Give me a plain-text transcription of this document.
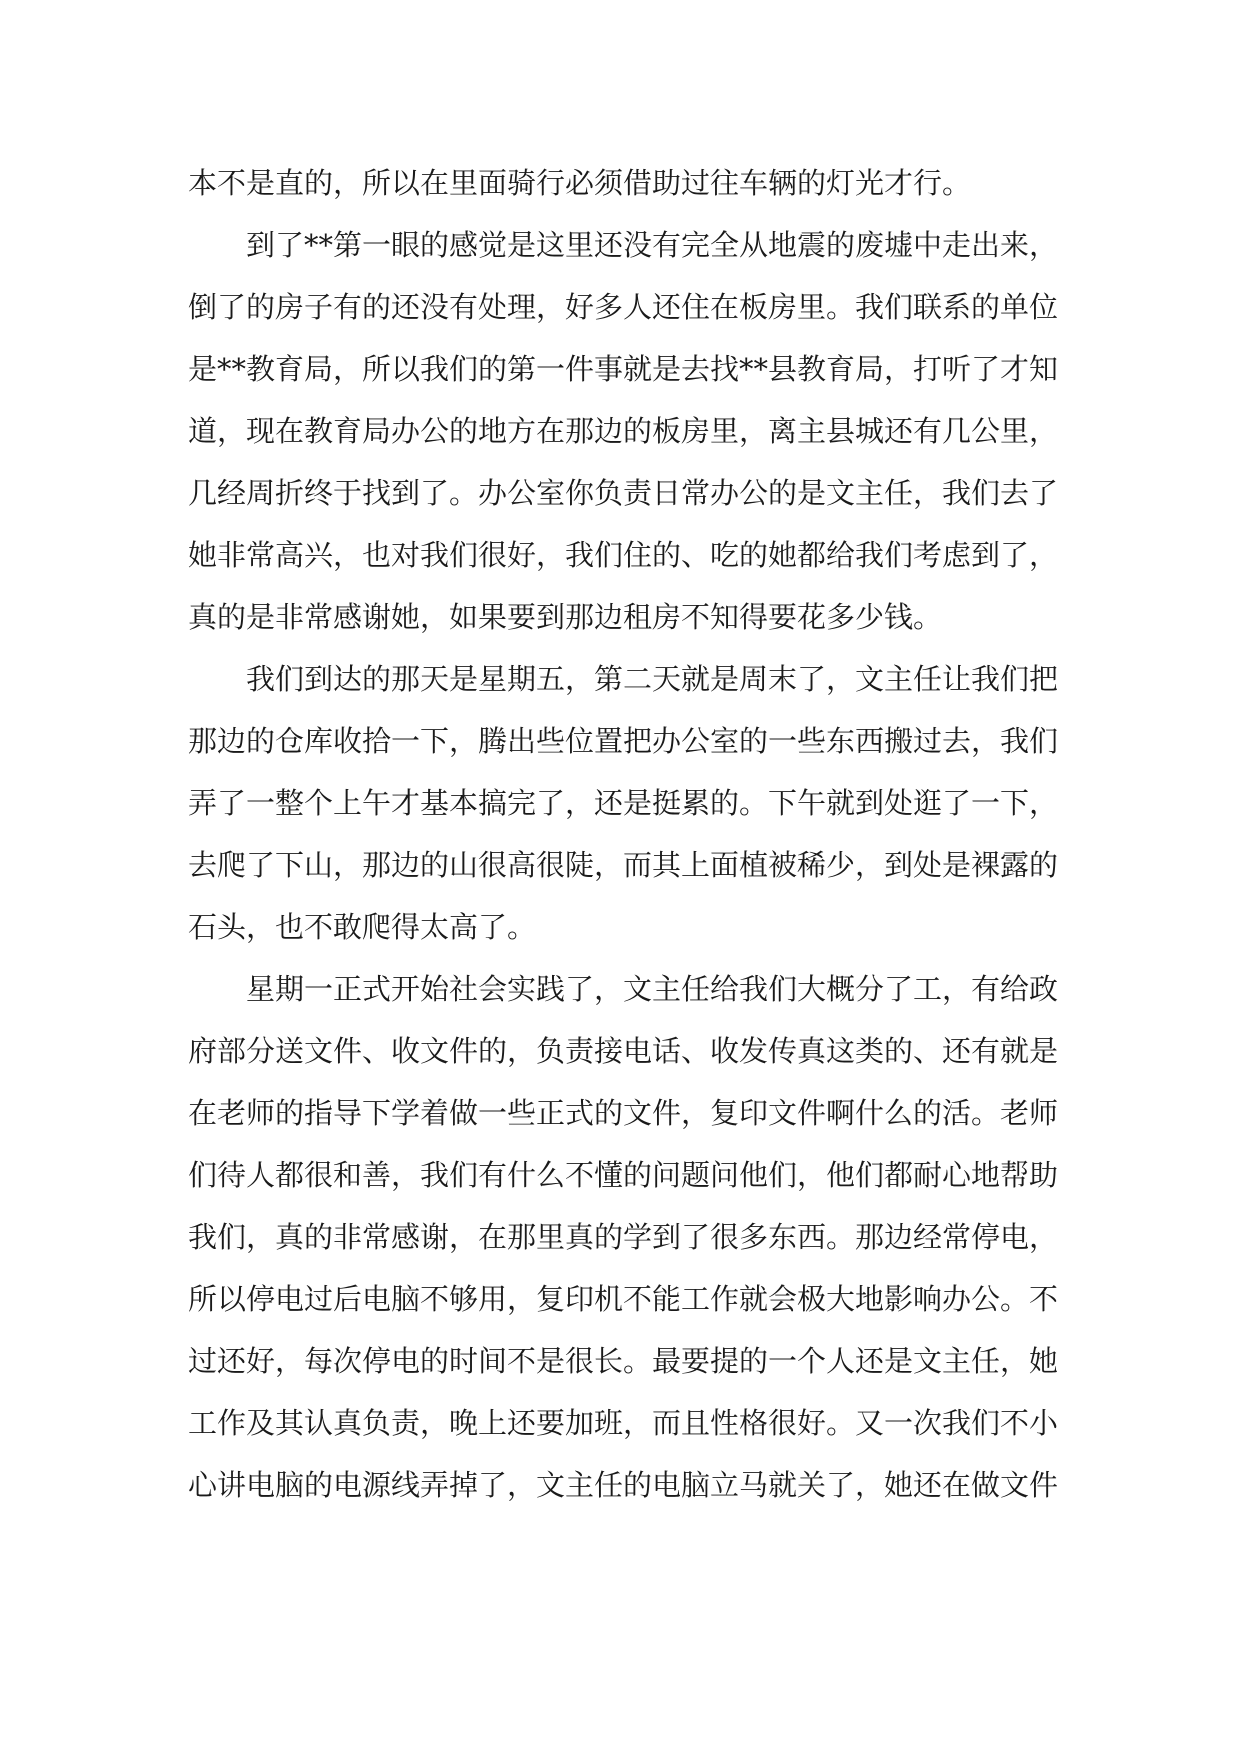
本不是直的，所以在里面骑行必须借助过往车辆的灯光才行。
到了**第一眼的感觉是这里还没有完全从地震的废墟中走出来，
倒了的房子有的还没有处理，好多人还住在板房里。我们联系的单位
是**教育局，所以我们的第一件事就是去找**县教育局，打听了才知
道，现在教育局办公的地方在那边的板房里，离主县城还有几公里，
几经周折终于找到了。办公室你负责日常办公的是文主任，我们去了
她非常高兴，也对我们很好，我们住的、吃的她都给我们考虑到了，
真的是非常感谢她，如果要到那边租房不知得要花多少钱。
我们到达的那天是星期五，第二天就是周末了，文主任让我们把
那边的仓库收拾一下，腾出些位置把办公室的一些东西搬过去，我们
弄了一整个上午才基本搞完了，还是挺累的。下午就到处逛了一下，
去爬了下山，那边的山很高很陡，而其上面植被稀少，到处是裸露的
石头，也不敢爬得太高了。
星期一正式开始社会实践了，文主任给我们大概分了工，有给政
府部分送文件、收文件的，负责接电话、收发传真这类的、还有就是
在老师的指导下学着做一些正式的文件，复印文件啊什么的活。老师
们待人都很和善，我们有什么不懂的问题问他们，他们都耐心地帮助
我们，真的非常感谢，在那里真的学到了很多东西。那边经常停电，
所以停电过后电脑不够用，复印机不能工作就会极大地影响办公。不
过还好，每次停电的时间不是很长。最要提的一个人还是文主任，她
工作及其认真负责，晚上还要加班，而且性格很好。又一次我们不小
心讲电脑的电源线弄掉了，文主任的电脑立马就关了，她还在做文件
